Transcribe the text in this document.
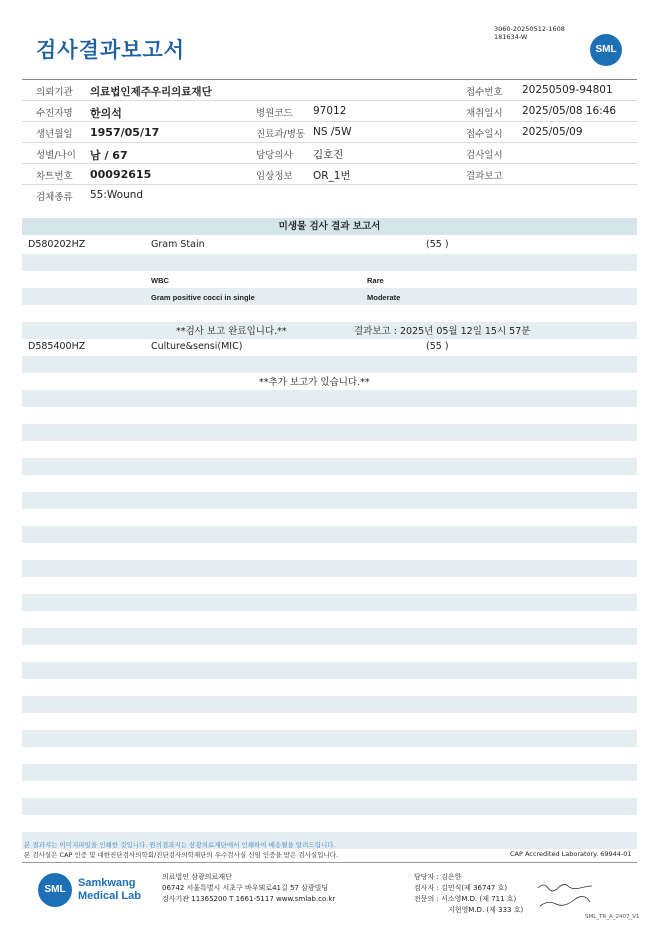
검사결과보고서
3060-20250512-1608
181634-W
SML
의뢰기관 의료법인제주우리의료재단	접수번호 20250509-94801
수진자명 한의석	병원코드 97012	채취일시 2025/05/08 16:46
생년월일 1957/05/17	진료과/병동 NS /5W	접수일시 2025/05/09
성별/나이 남 / 67	담당의사 김호진	검사일시
차트번호 00092615	임상정보 OR_1번	결과보고
검체종류 55:Wound
미생물 검사 결과 보고서
D580202HZ	Gram Stain	(55 )
WBC	Rare
Gram positive cocci in single	Moderate
**검사 보고 완료입니다.**	결과보고 : 2025년 05월 12일 15시 57분
D585400HZ	Culture&sensi(MIC)	(55 )
**추가 보고가 있습니다.**
본 결과지는 이미지파일을 인쇄한 것입니다. 원의결과지는 삼광의료재단에서 인쇄하여 배송될을 알려드립니다.
본 검사실은 CAP 인증 및 대한진단검사의학회/진단검사의학재단의 우수검사실 신임 인증을 받은 검사실입니다.	CAP Accredited Laboratory. 69944-01
SML
Samkwang
Medical Lab
의료법인 삼광의료재단
06742 서울특별시 서초구 바우뫼로41길 57 삼광빌딩
검사기관 11365200 T 1661-5117 www.smlab.co.kr
담당자 : 김은한
검사자 : 김민식(제 36747 호)
전문의 : 서소영M.D. (제 711 호)
지현영M.D. (제 333 호)
SML_TR_A_2407_V1
